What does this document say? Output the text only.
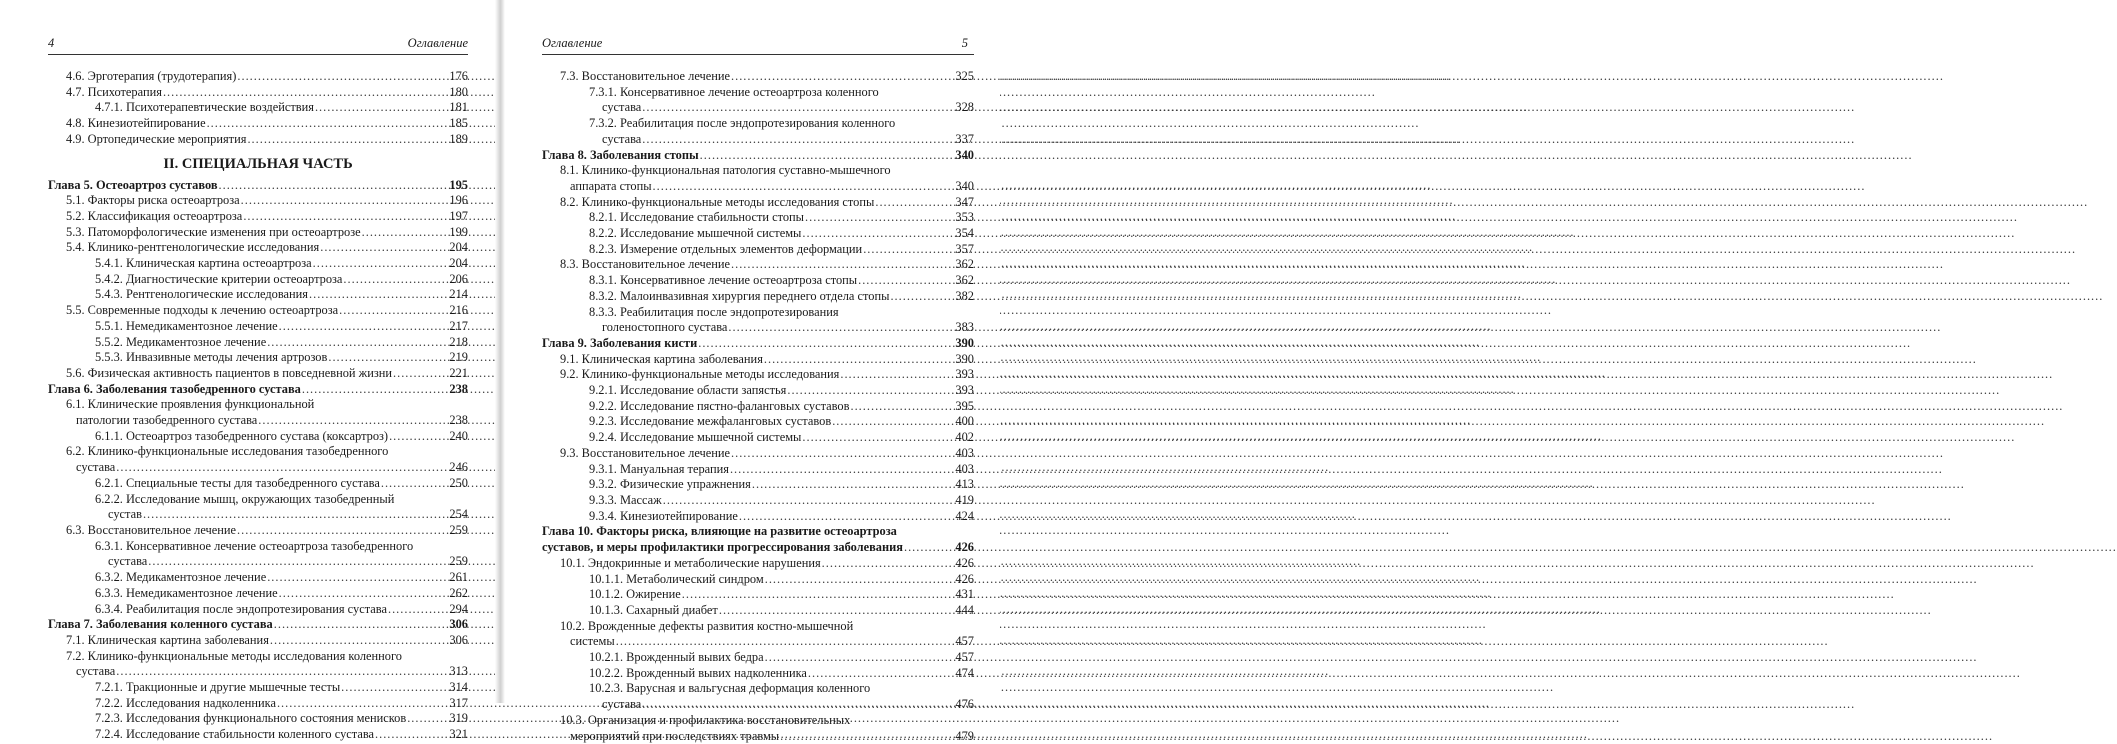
4	Оглавление
4.6. Эрготерапия (трудотерапия) .....	176
4.7. Психотерапия .....	180
4.7.1. Психотерапевтические воздействия .....	181
4.8. Кинезиотейпирование .....	185
4.9. Ортопедические мероприятия .....	189
II. СПЕЦИАЛЬНАЯ ЧАСТЬ
Глава 5. Остеоартроз суставов .....	195
5.1. Факторы риска остеоартроза .....	196
5.2. Классификация остеоартроза .....	197
5.3. Патоморфологические изменения при остеоартрозе .....	199
5.4. Клинико-рентгенологические исследования .....	204
5.4.1. Клиническая картина остеоартроза .....	204
5.4.2. Диагностические критерии остеоартроза .....	206
5.4.3. Рентгенологические исследования .....	214
5.5. Современные подходы к лечению остеоартроза .....	216
5.5.1. Немедикаментозное лечение .....	217
5.5.2. Медикаментозное лечение .....	218
5.5.3. Инвазивные методы лечения артрозов .....	219
5.6. Физическая активность пациентов в повседневной жизни .....	221
Глава 6. Заболевания тазобедренного сустава .....	238
6.1. Клинические проявления функциональной
патологии тазобедренного сустава .....	238
6.1.1. Остеоартроз тазобедренного сустава (коксартроз) .....	240
6.2. Клинико-функциональные исследования тазобедренного
сустава .....	246
6.2.1. Специальные тесты для тазобедренного сустава .....	250
6.2.2. Исследование мышц, окружающих тазобедренный
сустав .....	254
6.3. Восстановительное лечение .....	259
6.3.1. Консервативное лечение остеоартроза тазобедренного
сустава .....	259
6.3.2. Медикаментозное лечение .....	261
6.3.3. Немедикаментозное лечение .....	262
6.3.4. Реабилитация после эндопротезирования сустава .....	294
Глава 7. Заболевания коленного сустава .....	306
7.1. Клиническая картина заболевания .....	306
7.2. Клинико-функциональные методы исследования коленного
сустава .....	313
7.2.1. Тракционные и другие мышечные тесты .....	314
7.2.2. Исследования надколенника .....	317
7.2.3. Исследования функционального состояния менисков .....	319
7.2.4. Исследование стабильности коленного сустава .....	321
Оглавление	5
7.3. Восстановительное лечение .....	325
7.3.1. Консервативное лечение остеоартроза коленного
сустава .....	328
7.3.2. Реабилитация после эндопротезирования коленного
сустава .....	337
Глава 8. Заболевания стопы .....	340
8.1. Клинико-функциональная патология суставно-мышечного
аппарата стопы .....	340
8.2. Клинико-функциональные методы исследования стопы .....	347
8.2.1. Исследование стабильности стопы .....	353
8.2.2. Исследование мышечной системы .....	354
8.2.3. Измерение отдельных элементов деформации .....	357
8.3. Восстановительное лечение .....	362
8.3.1. Консервативное лечение остеоартроза стопы .....	362
8.3.2. Малоинвазивная хирургия переднего отдела стопы .....	382
8.3.3. Реабилитация после эндопротезирования
голеностопного сустава .....	383
Глава 9. Заболевания кисти .....	390
9.1. Клиническая картина заболевания .....	390
9.2. Клинико-функциональные методы исследования .....	393
9.2.1. Исследование области запястья .....	393
9.2.2. Исследование пястно-фаланговых суставов .....	395
9.2.3. Исследование межфаланговых суставов .....	400
9.2.4. Исследование мышечной системы .....	402
9.3. Восстановительное лечение .....	403
9.3.1. Мануальная терапия .....	403
9.3.2. Физические упражнения .....	413
9.3.3. Массаж .....	419
9.3.4. Кинезиотейпирование .....	424
Глава 10. Факторы риска, влияющие на развитие остеоартроза
суставов, и меры профилактики прогрессирования заболевания .....	426
10.1. Эндокринные и метаболические нарушения .....	426
10.1.1. Метаболический синдром .....	426
10.1.2. Ожирение .....	431
10.1.3. Сахарный диабет .....	444
10.2. Врожденные дефекты развития костно-мышечной
системы .....	457
10.2.1. Врожденный вывих бедра .....	457
10.2.2. Врожденный вывих надколенника .....	474
10.2.3. Варусная и вальгусная деформация коленного
сустава .....	476
10.3. Организация и профилактика восстановительных
мероприятий при последствиях травмы .....	479
